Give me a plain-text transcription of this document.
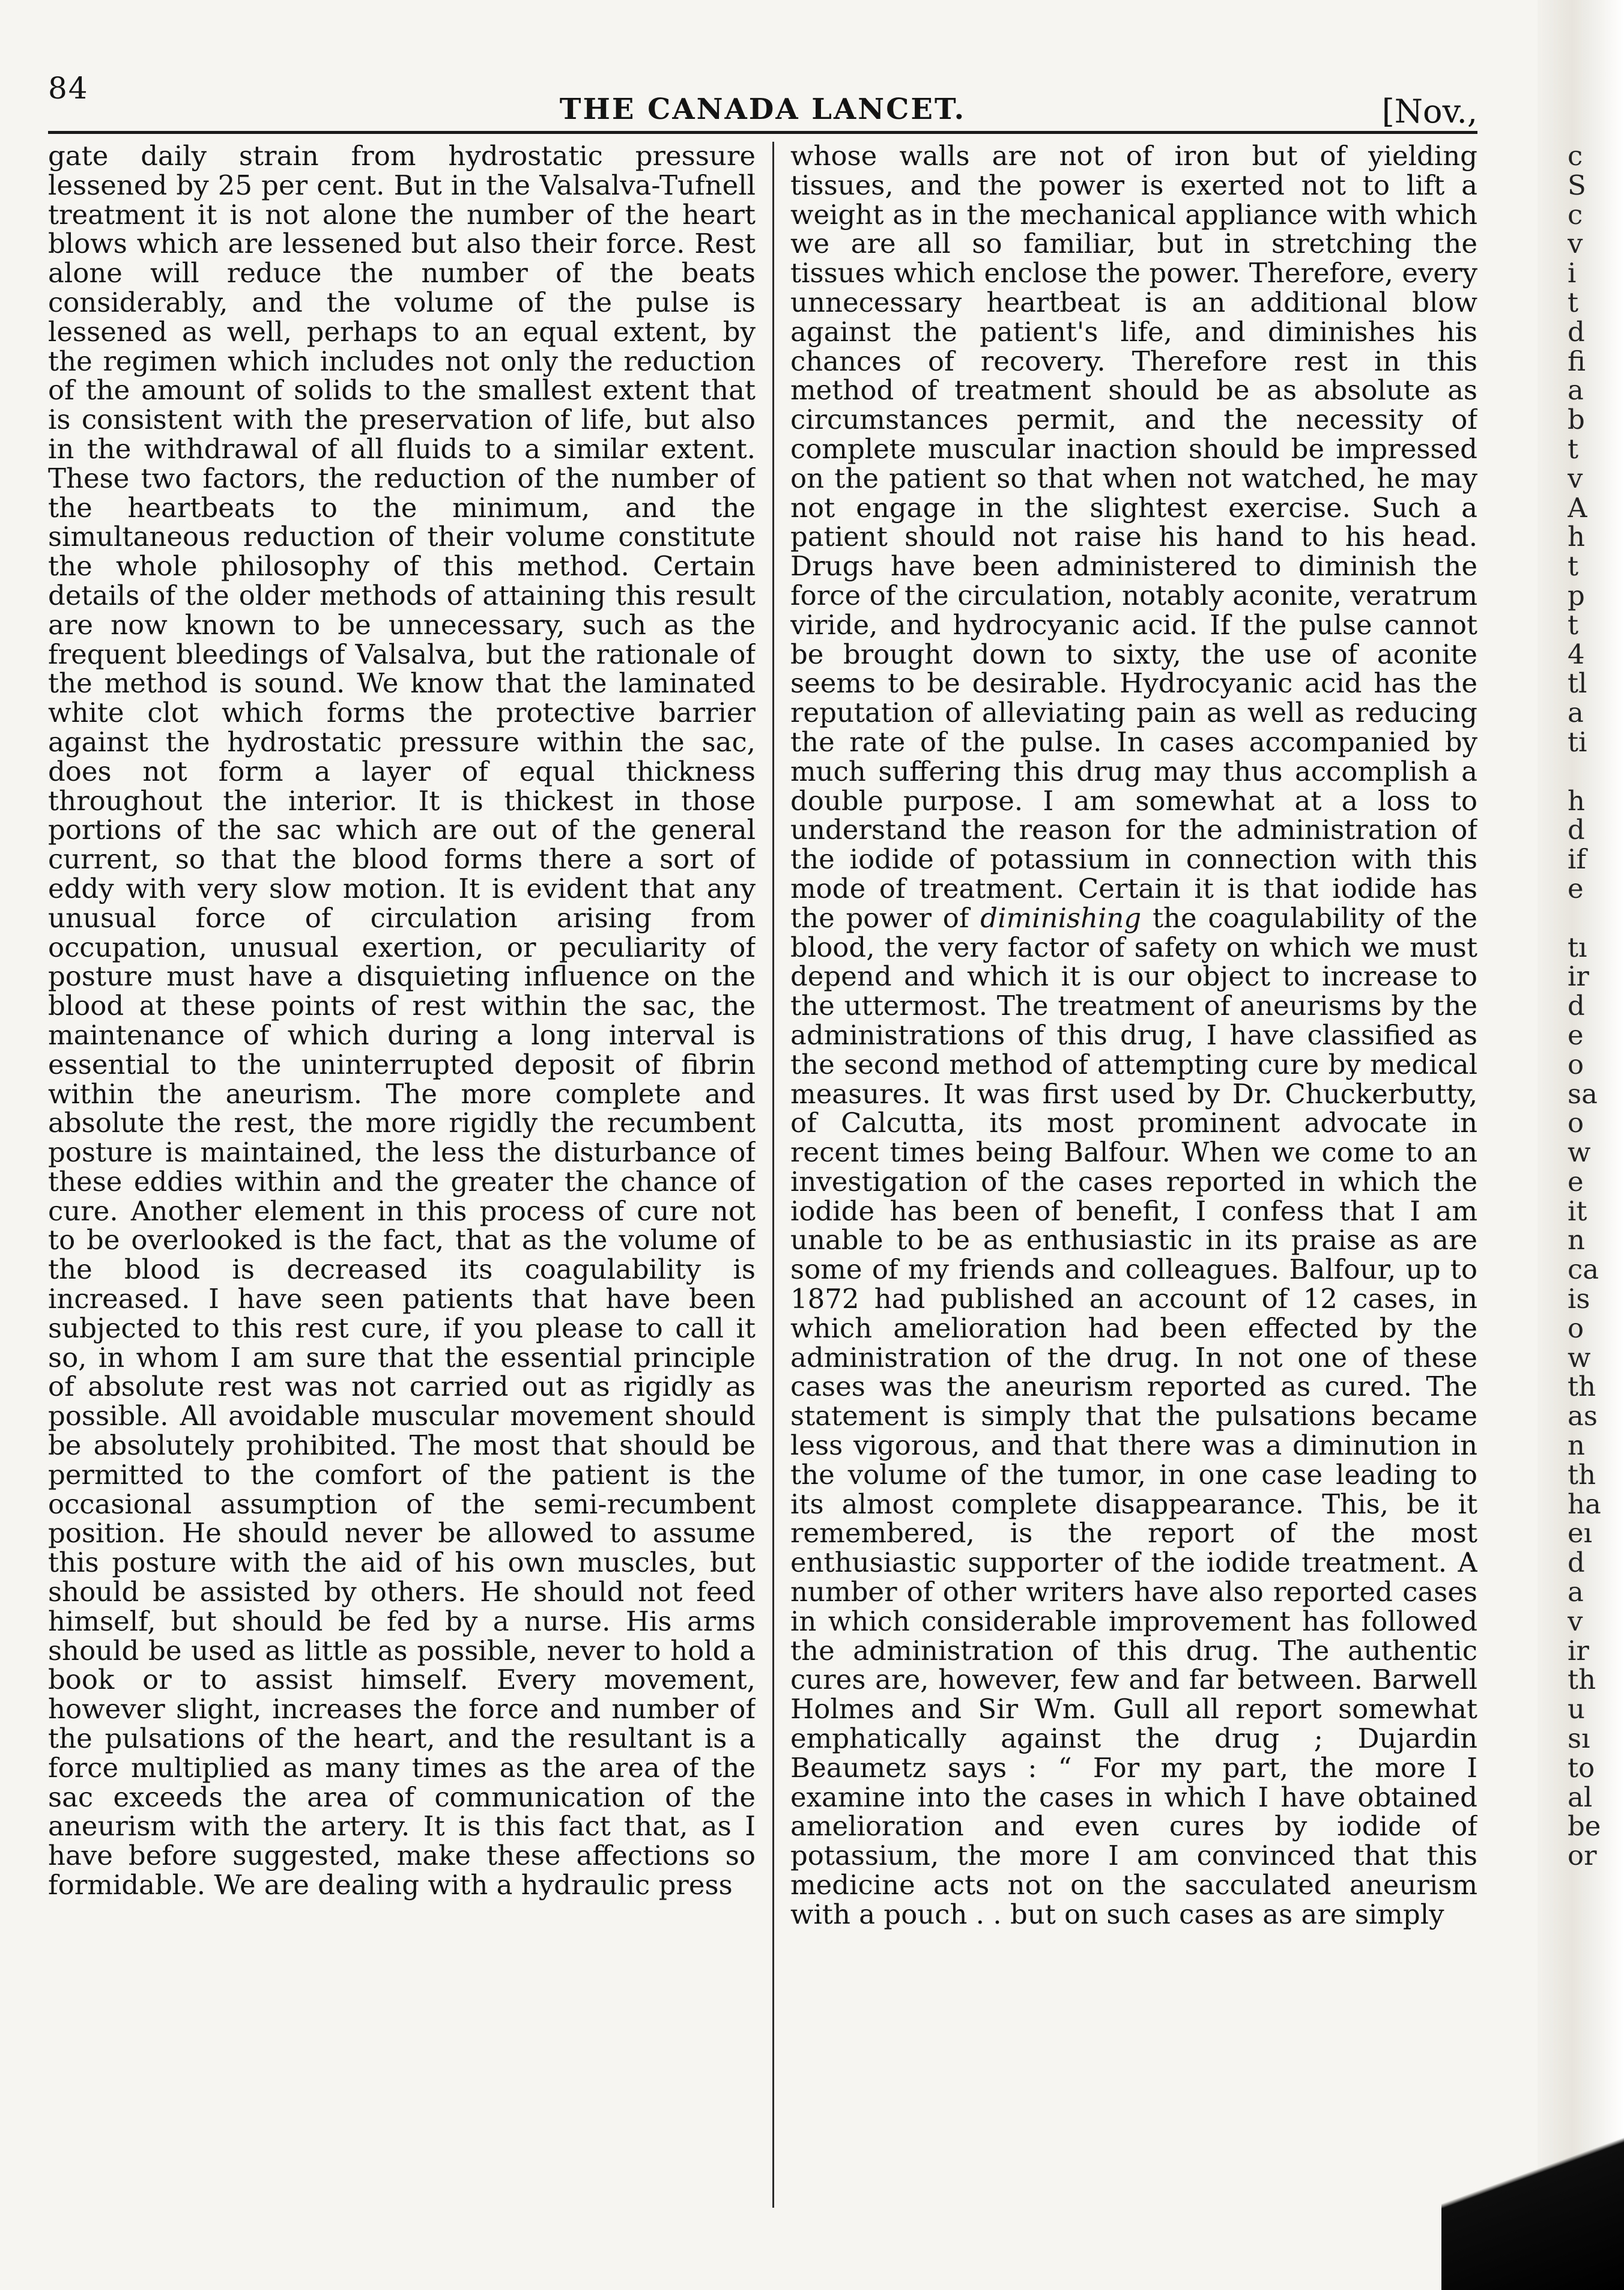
84
THE CANADA LANCET.	[Nov.,

gate daily strain from hydrostatic pressure lessened by 25 per cent. But in the Valsalva-Tufnell treatment it is not alone the number of the heart blows which are lessened but also their force. Rest alone will reduce the number of the beats considerably, and the volume of the pulse is lessened as well, perhaps to an equal extent, by the regimen which includes not only the reduction of the amount of solids to the smallest extent that is consistent with the preservation of life, but also in the withdrawal of all fluids to a similar extent. These two factors, the reduction of the number of the heartbeats to the minimum, and the simultaneous reduction of their volume constitute the whole philosophy of this method. Certain details of the older methods of attaining this result are now known to be unnecessary, such as the frequent bleedings of Valsalva, but the rationale of the method is sound. We know that the laminated white clot which forms the protective barrier against the hydrostatic pressure within the sac, does not form a layer of equal thickness throughout the interior. It is thickest in those portions of the sac which are out of the general current, so that the blood forms there a sort of eddy with very slow motion. It is evident that any unusual force of circulation arising from occupation, unusual exertion, or peculiarity of posture must have a disquieting influence on the blood at these points of rest within the sac, the maintenance of which during a long interval is essential to the uninterrupted deposit of fibrin within the aneurism. The more complete and absolute the rest, the more rigidly the recumbent posture is maintained, the less the disturbance of these eddies within and the greater the chance of cure. Another element in this process of cure not to be overlooked is the fact, that as the volume of the blood is decreased its coagulability is increased. I have seen patients that have been subjected to this rest cure, if you please to call it so, in whom I am sure that the essential principle of absolute rest was not carried out as rigidly as possible. All avoidable muscular movement should be absolutely prohibited. The most that should be permitted to the comfort of the patient is the occasional assumption of the semi-recumbent position. He should never be allowed to assume this posture with the aid of his own muscles, but should be assisted by others. He should not feed himself, but should be fed by a nurse. His arms should be used as little as possible, never to hold a book or to assist himself. Every movement, however slight, increases the force and number of the pulsations of the heart, and the resultant is a force multiplied as many times as the area of the sac exceeds the area of communication of the aneurism with the artery. It is this fact that, as I have before suggested, make these affections so formidable. We are dealing with a hydraulic press

whose walls are not of iron but of yielding tissues, and the power is exerted not to lift a weight as in the mechanical appliance with which we are all so familiar, but in stretching the tissues which enclose the power. Therefore, every unnecessary heartbeat is an additional blow against the patient's life, and diminishes his chances of recovery. Therefore rest in this method of treatment should be as absolute as circumstances permit, and the necessity of complete muscular inaction should be impressed on the patient so that when not watched, he may not engage in the slightest exercise. Such a patient should not raise his hand to his head. Drugs have been administered to diminish the force of the circulation, notably aconite, veratrum viride, and hydrocyanic acid. If the pulse cannot be brought down to sixty, the use of aconite seems to be desirable. Hydrocyanic acid has the reputation of alleviating pain as well as reducing the rate of the pulse. In cases accompanied by much suffering this drug may thus accomplish a double purpose. I am somewhat at a loss to understand the reason for the administration of the iodide of potassium in connection with this mode of treatment. Certain it is that iodide has the power of diminishing the coagulability of the blood, the very factor of safety on which we must depend and which it is our object to increase to the uttermost. The treatment of aneurisms by the administrations of this drug, I have classified as the second method of attempting cure by medical measures. It was first used by Dr. Chuckerbutty, of Calcutta, its most prominent advocate in recent times being Balfour. When we come to an investigation of the cases reported in which the iodide has been of benefit, I confess that I am unable to be as enthusiastic in its praise as are some of my friends and colleagues. Balfour, up to 1872 had published an account of 12 cases, in which amelioration had been effected by the administration of the drug. In not one of these cases was the aneurism reported as cured. The statement is simply that the pulsations became less vigorous, and that there was a diminution in the volume of the tumor, in one case leading to its almost complete disappearance. This, be it remembered, is the report of the most enthusiastic supporter of the iodide treatment. A number of other writers have also reported cases in which considerable improvement has followed the administration of this drug. The authentic cures are, however, few and far between. Barwell Holmes and Sir Wm. Gull all report somewhat emphatically against the drug ; Dujardin Beaumetz says : “ For my part, the more I examine into the cases in which I have obtained amelioration and even cures by iodide of potassium, the more I am convinced that this medicine acts not on the sacculated aneurism with a pouch . . but on such cases as are simply

c
S
c
v
i
t
d
fi
a
b
t
v
A
h
t
p
t
4
tl
a
ti

h
d
if
e

tı
ir
d
e
o
sa
o
w
e
it
n
ca
is
o
w
th
as
n
th
ha
eı
d
a
v
ir
th
u
sı
to
al
be
or
